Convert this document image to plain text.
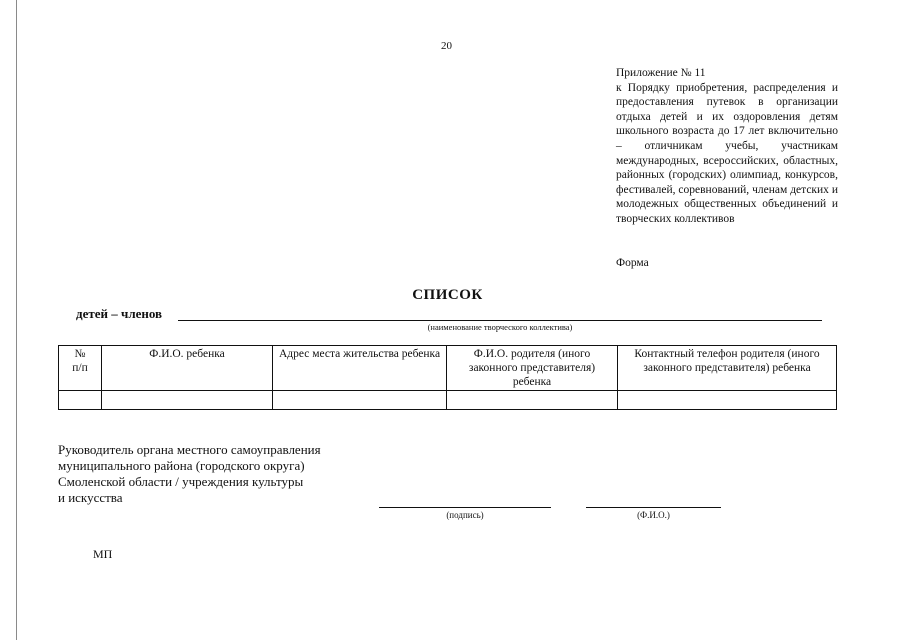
20
Приложение № 11
к Порядку приобретения, распределения и предоставления путевок в организации отдыха детей и их оздоровления детям школьного возраста до 17 лет включительно – отличникам учебы, участникам международных, всероссийских, областных, районных (городских) олимпиад, конкурсов, фестивалей, соревнований, членам детских и молодежных общественных объединений и творческих коллективов
Форма
СПИСОК
детей – членов
(наименование творческого коллектива)
№
п/п	Ф.И.О. ребенка	Адрес места жительства ребенка	Ф.И.О. родителя (иного законного представителя) ребенка	Контактный телефон родителя (иного законного представителя) ребенка

Руководитель органа местного самоуправления
муниципального района (городского округа)
Смоленской области / учреждения культуры
и искусства
(подпись)	(Ф.И.О.)
МП
